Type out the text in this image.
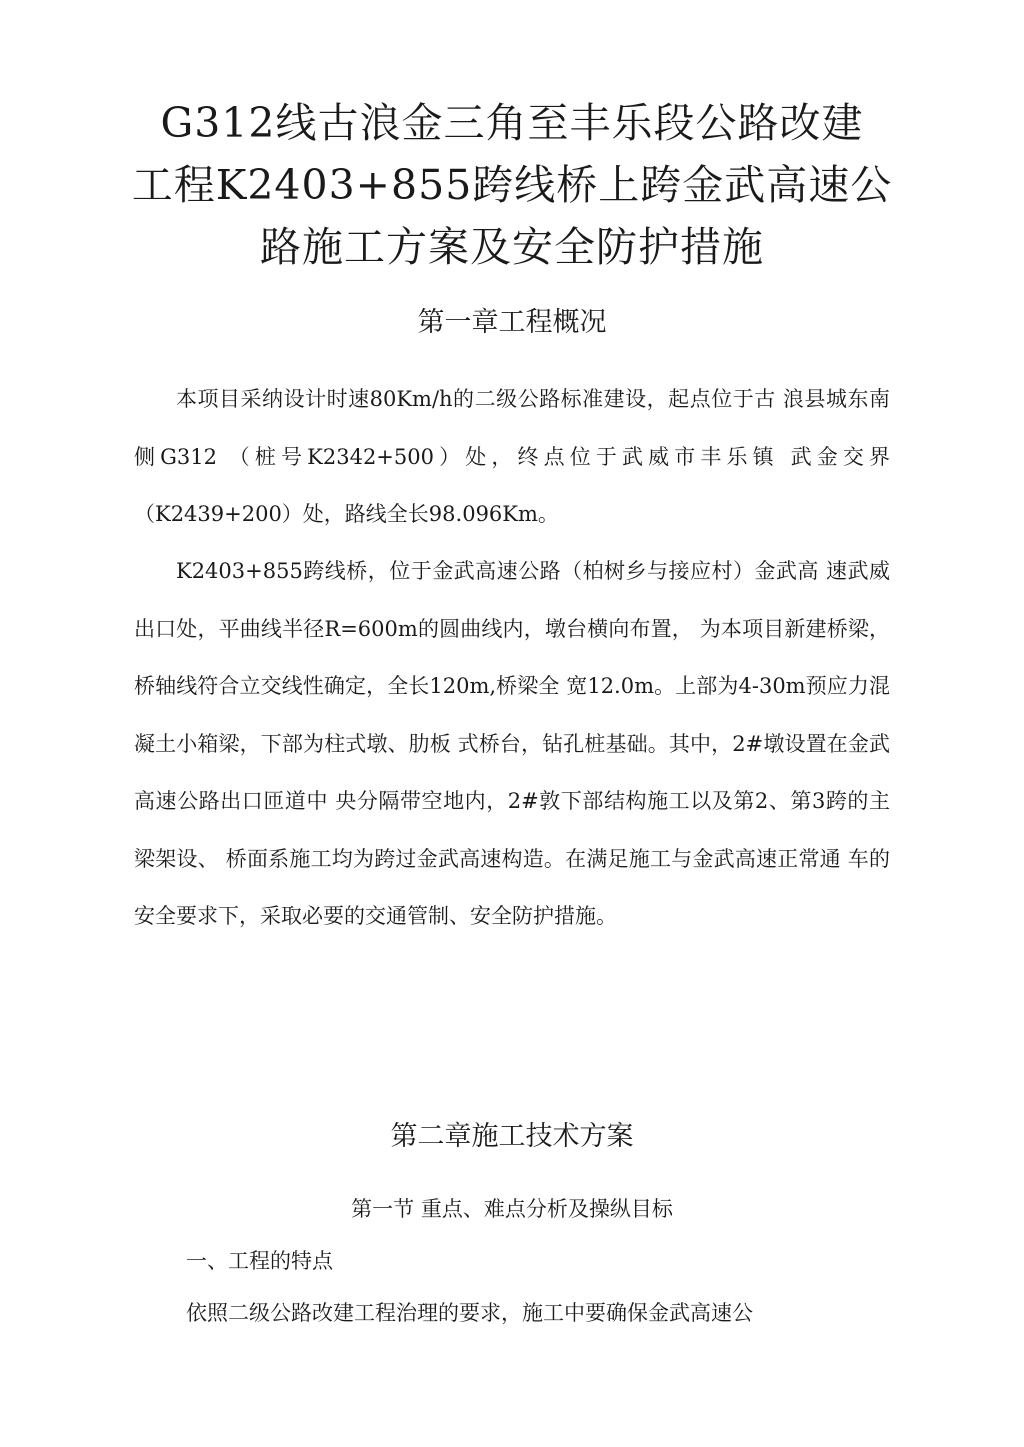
G312线古浪金三角至丰乐段公路改建
工程K2403+855跨线桥上跨金武高速公
路施工方案及安全防护措施
第一章工程概况

本项目采纳设计时速80Km/h的二级公路标准建设，起点位于古 浪县城东南侧G312 （桩号K2342+500）处，终点位于武威市丰乐镇 武金交界（K2439+200）处，路线全长98.096Km。

K2403+855跨线桥，位于金武高速公路（柏树乡与接应村）金武高 速武威出口处，平曲线半径R=600m的圆曲线内，墩台横向布置， 为本项目新建桥梁，桥轴线符合立交线性确定，全长120m,桥梁全 宽12.0m。上部为4-30m预应力混凝土小箱梁，下部为柱式墩、肋板 式桥台，钻孔桩基础。其中，2#墩设置在金武高速公路出口匝道中 央分隔带空地内，2#敦下部结构施工以及第2、第3跨的主梁架设、 桥面系施工均为跨过金武高速构造。在满足施工与金武高速正常通 车的安全要求下，采取必要的交通管制、安全防护措施。

第二章施工技术方案
第一节 重点、难点分析及操纵目标
一、工程的特点

依照二级公路改建工程治理的要求，施工中要确保金武高速公
